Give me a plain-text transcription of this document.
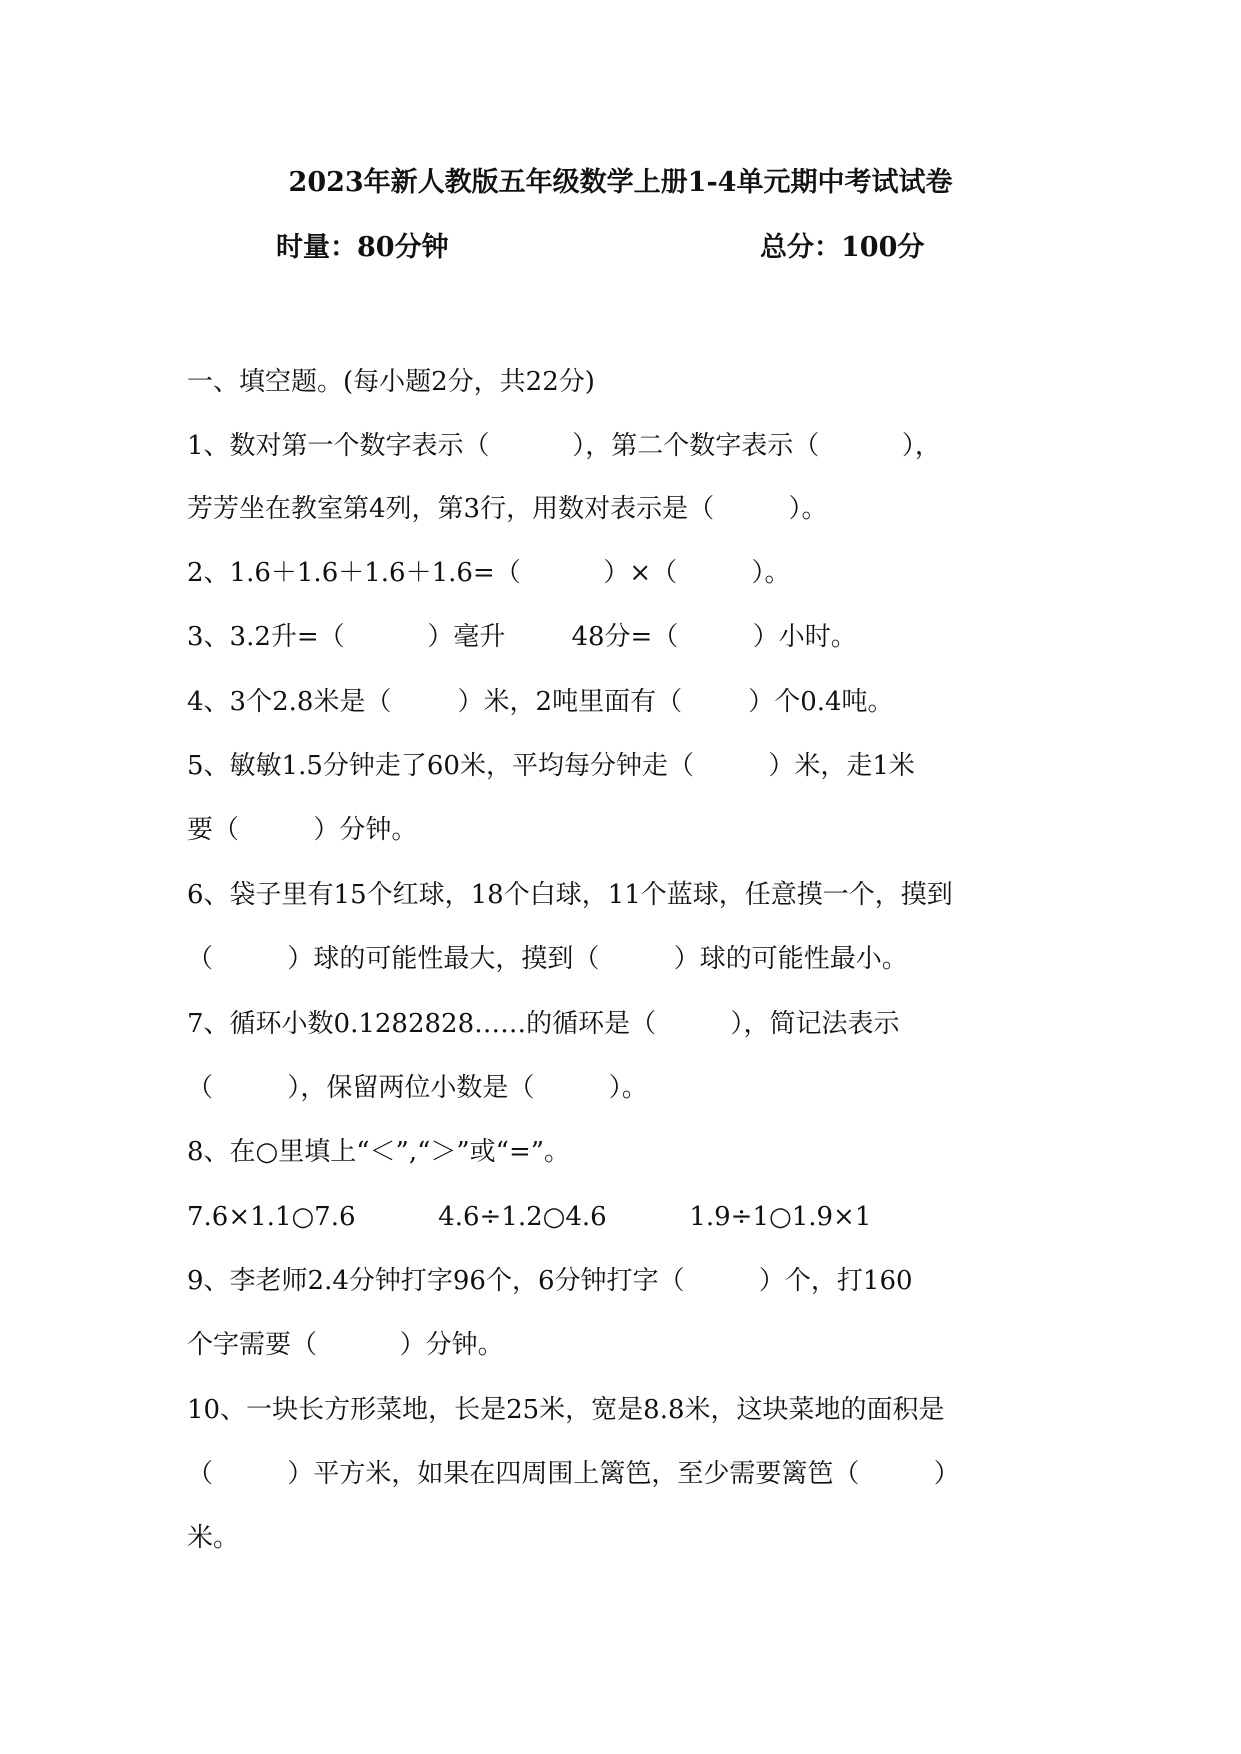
2023年新人教版五年级数学上册1-4单元期中考试试卷
时量：80分钟	总分：100分
一、填空题。(每小题2分，共22分)
1、数对第一个数字表示（          ），第二个数字表示（          ），
芳芳坐在教室第4列，第3行，用数对表示是（         ）。
2、1.6＋1.6＋1.6＋1.6=（          ）×（         ）。
3、3.2升=（          ）毫升        48分=（         ）小时。
4、3个2.8米是（        ）米，2吨里面有（        ）个0.4吨。
5、敏敏1.5分钟走了60米，平均每分钟走（         ）米，走1米
要（         ）分钟。
6、袋子里有15个红球，18个白球，11个蓝球，任意摸一个，摸到
（         ）球的可能性最大，摸到（         ）球的可能性最小。
7、循环小数0.1282828……的循环是（         ），简记法表示
（         ），保留两位小数是（         ）。
8、在○里填上“＜”,“＞”或“=”。
7.6×1.1○7.6          4.6÷1.2○4.6          1.9÷1○1.9×1
9、李老师2.4分钟打字96个，6分钟打字（         ）个，打160
个字需要（          ）分钟。
10、一块长方形菜地，长是25米，宽是8.8米，这块菜地的面积是
（         ）平方米，如果在四周围上篱笆，至少需要篱笆（         ）
米。
